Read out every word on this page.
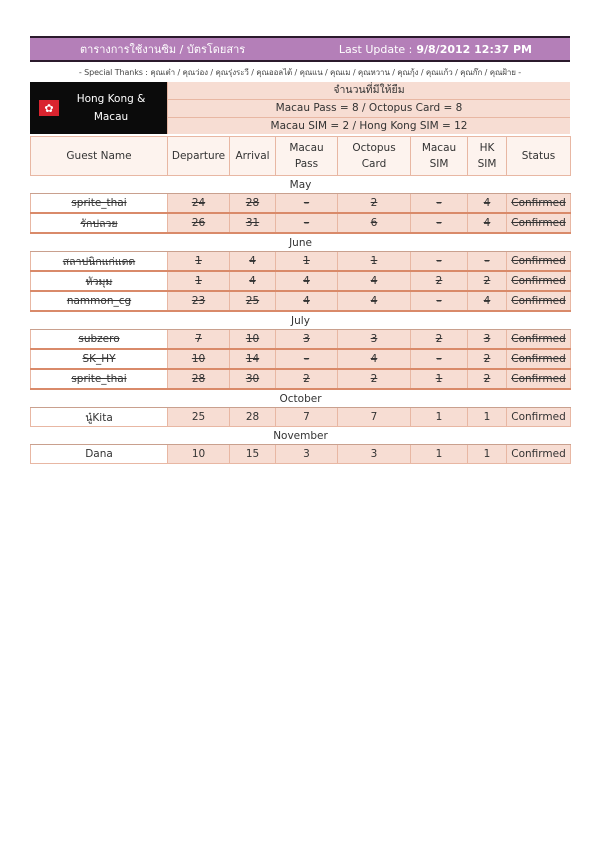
ตารางการใช้งานซิม / บัตรโดยสาร	Last Update : 9/8/2012 12:37 PM
- Special Thanks : คุณเต๋า / คุณว่อง / คุณรุ่งระวี / คุณออลไต้ / คุณแน / คุณเม / คุณหวาน / คุณกุ้ง / คุณแก้ว / คุณก๊ก / คุณฝ้าย -
✿
Hong Kong &
Macau
จำนวนที่มีให้ยืม
Macau Pass = 8 / Octopus Card = 8
Macau SIM = 2 / Hong Kong SIM = 12
Guest Name	Departure	Arrival	Macau Pass	Octopus Card	Macau SIM	HK SIM	Status
May							
sprite_thai	24	28	–	2	–	4	Confirmed
รักปลวย	26	31	–	6	–	4	Confirmed
June							
สลาปนิกแก่แดด	1	4	1	1	–	–	Confirmed
หัวมุม	1	4	4	4	2	2	Confirmed
nammon_cg	23	25	4	4	–	4	Confirmed
July							
subzero	7	10	3	3	2	3	Confirmed
SK_HY	10	14	–	4	–	2	Confirmed
sprite_thai	28	30	2	2	1	2	Confirmed
October							
นู๋Kita	25	28	7	7	1	1	Confirmed
November							
Dana	10	15	3	3	1	1	Confirmed
